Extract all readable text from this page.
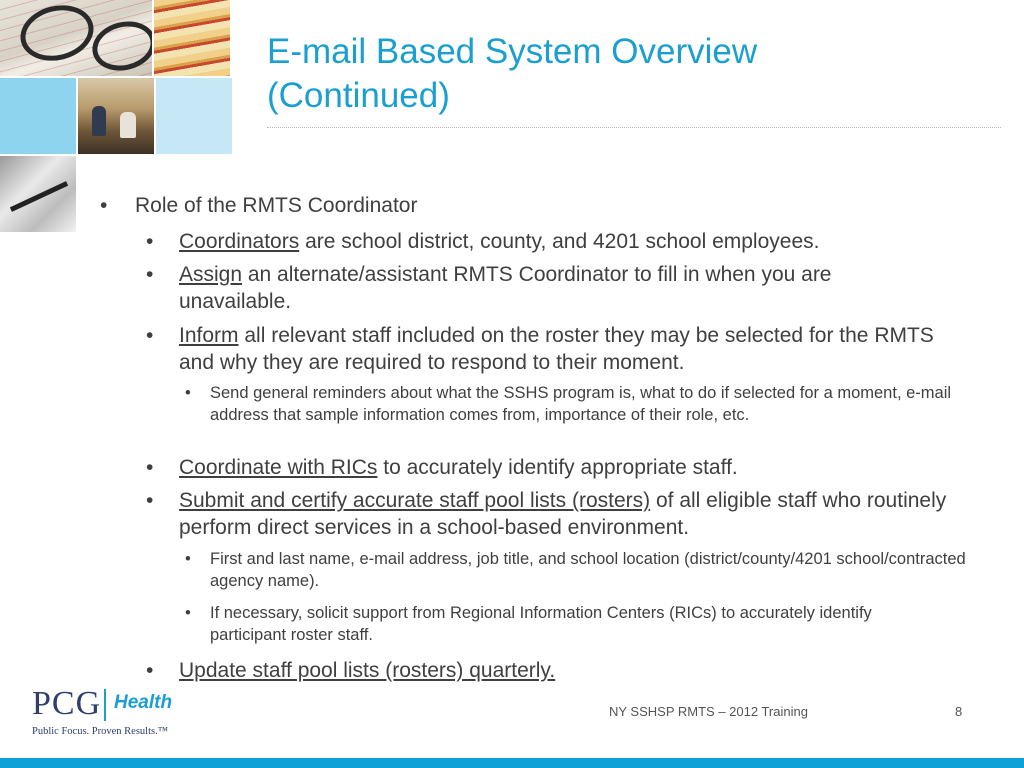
E-mail Based System Overview
(Continued)
• Role of the RMTS Coordinator
• Coordinators are school district, county, and 4201 school employees.
• Assign an alternate/assistant RMTS Coordinator to fill in when you are unavailable.
• Inform all relevant staff included on the roster they may be selected for the RMTS and why they are required to respond to their moment.
• Send general reminders about what the SSHS program is, what to do if selected for a moment, e-mail address that sample information comes from, importance of their role, etc.
• Coordinate with RICs to accurately identify appropriate staff.
• Submit and certify accurate staff pool lists (rosters) of all eligible staff who routinely perform direct services in a school-based environment.
• First and last name, e-mail address, job title, and school location (district/county/4201 school/contracted agency name).
• If necessary, solicit support from Regional Information Centers (RICs) to accurately identify participant roster staff.
• Update staff pool lists (rosters) quarterly.
PCG Health
Public Focus. Proven Results.™
NY SSHSP RMTS – 2012 Training	8
